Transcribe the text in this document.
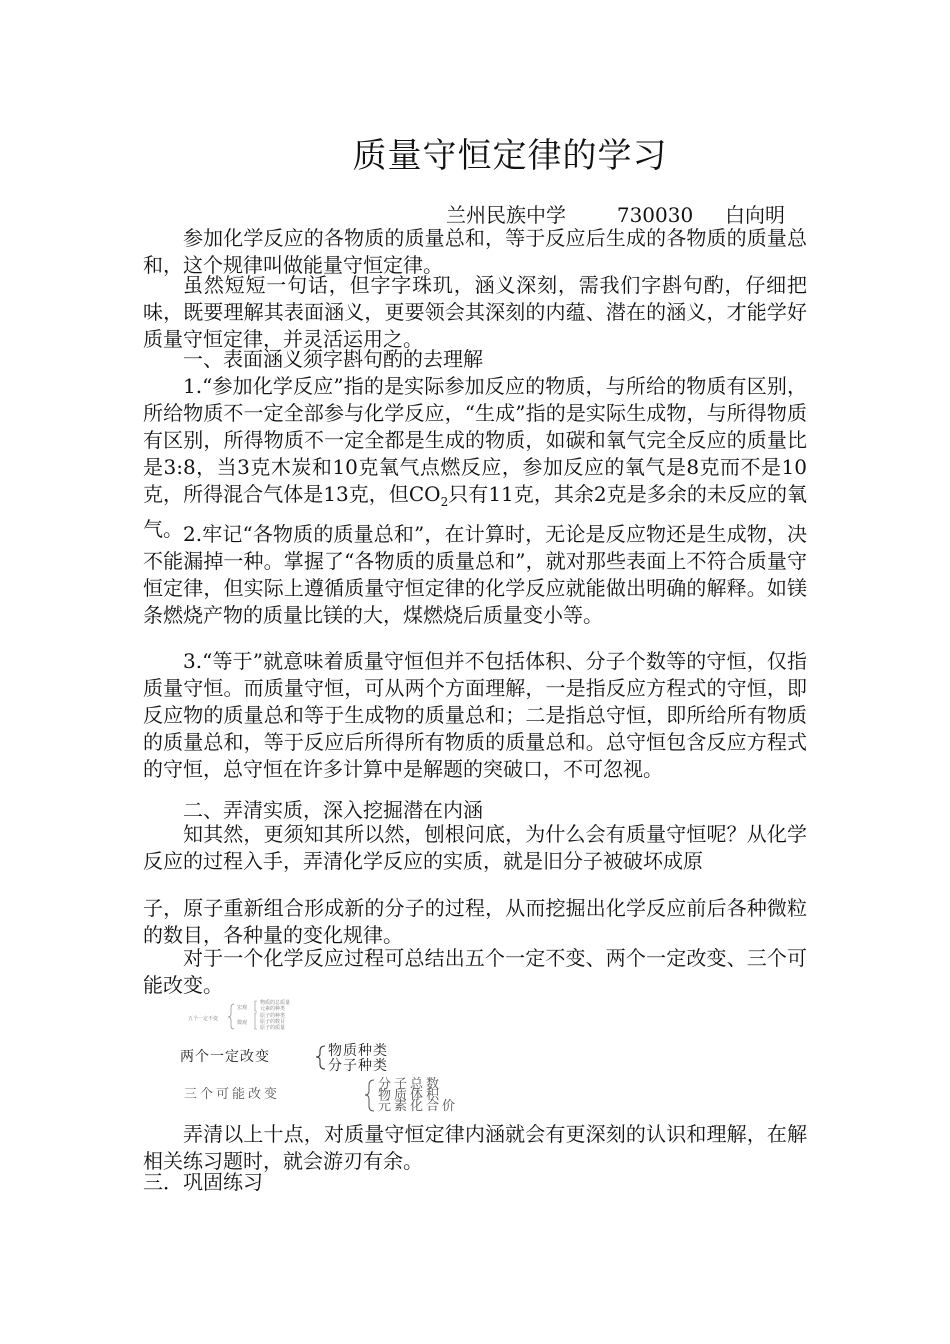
质量守恒定律的学习
兰州民族中学	730030 白向明

参加化学反应的各物质的质量总和，等于反应后生成的各物质的质量总和，这个规律叫做能量守恒定律。

虽然短短一句话，但字字珠玑，涵义深刻，需我们字斟句酌，仔细把味，既要理解其表面涵义，更要领会其深刻的内蕴、潜在的涵义，才能学好质量守恒定律，并灵活运用之。

一、表面涵义须字斟句酌的去理解

1.“参加化学反应”指的是实际参加反应的物质，与所给的物质有区别，所给物质不一定全部参与化学反应，“生成”指的是实际生成物，与所得物质有区别，所得物质不一定全都是生成的物质，如碳和氧气完全反应的质量比是3:8，当3克木炭和10克氧气点燃反应，参加反应的氧气是8克而不是10克，所得混合气体是13克，但$CO_2$只有11克，其余2克是多余的未反应的氧气。 2.牢记“各物质的质量总和”，在计算时，无论是反应物还是生成物，决不能漏掉一种。掌握了“各物质的质量总和”，就对那些表面上不符合质量守恒定律，但实际上遵循质量守恒定律的化学反应就能做出明确的解释。如镁条燃烧产物的质量比镁的大，煤燃烧后质量变小等。

3.“等于”就意味着质量守恒但并不包括体积、分子个数等的守恒，仅指质量守恒。而质量守恒，可从两个方面理解，一是指反应方程式的守恒，即反应物的质量总和等于生成物的质量总和；二是指总守恒，即所给所有物质的质量总和，等于反应后所得所有物质的质量总和。总守恒包含反应方程式的守恒，总守恒在许多计算中是解题的突破口，不可忽视。

二、弄清实质，深入挖掘潜在内涵

知其然，更须知其所以然，刨根问底，为什么会有质量守恒呢？从化学反应的过程入手，弄清化学反应的实质，就是旧分子被破坏成原

子，原子重新组合形成新的分子的过程，从而挖掘出化学反应前后各种微粒的数目，各种量的变化规律。

对于一个化学反应过程可总结出五个一定不变、两个一定改变、三个可能改变。

五个一定不变
宏观
微观
物质的总质量
元素的种类
原子的种类
原子的数目
原子的质量
两个一定改变	物质种类
分子种类
三个可能改变
分子总数
物质体积
元素化合价

弄清以上十点，对质量守恒定律内涵就会有更深刻的认识和理解，在解相关练习题时，就会游刃有余。

三．巩固练习
